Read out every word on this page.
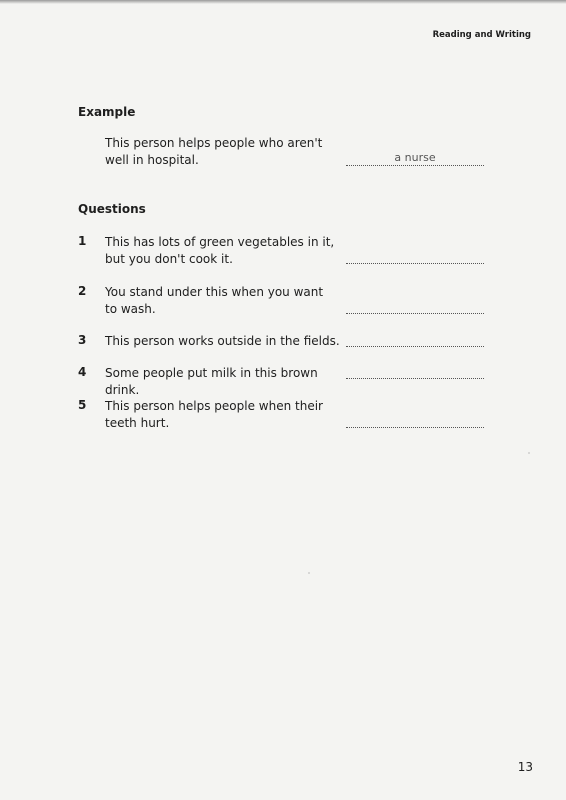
Reading and Writing
Example
This person helps people who aren't
well in hospital.	a nurse
Questions
1 This has lots of green vegetables in it,
but you don't cook it.
2 You stand under this when you want
to wash.
3 This person works outside in the fields.
4 Some people put milk in this brown drink.
5 This person helps people when their
teeth hurt.
13
